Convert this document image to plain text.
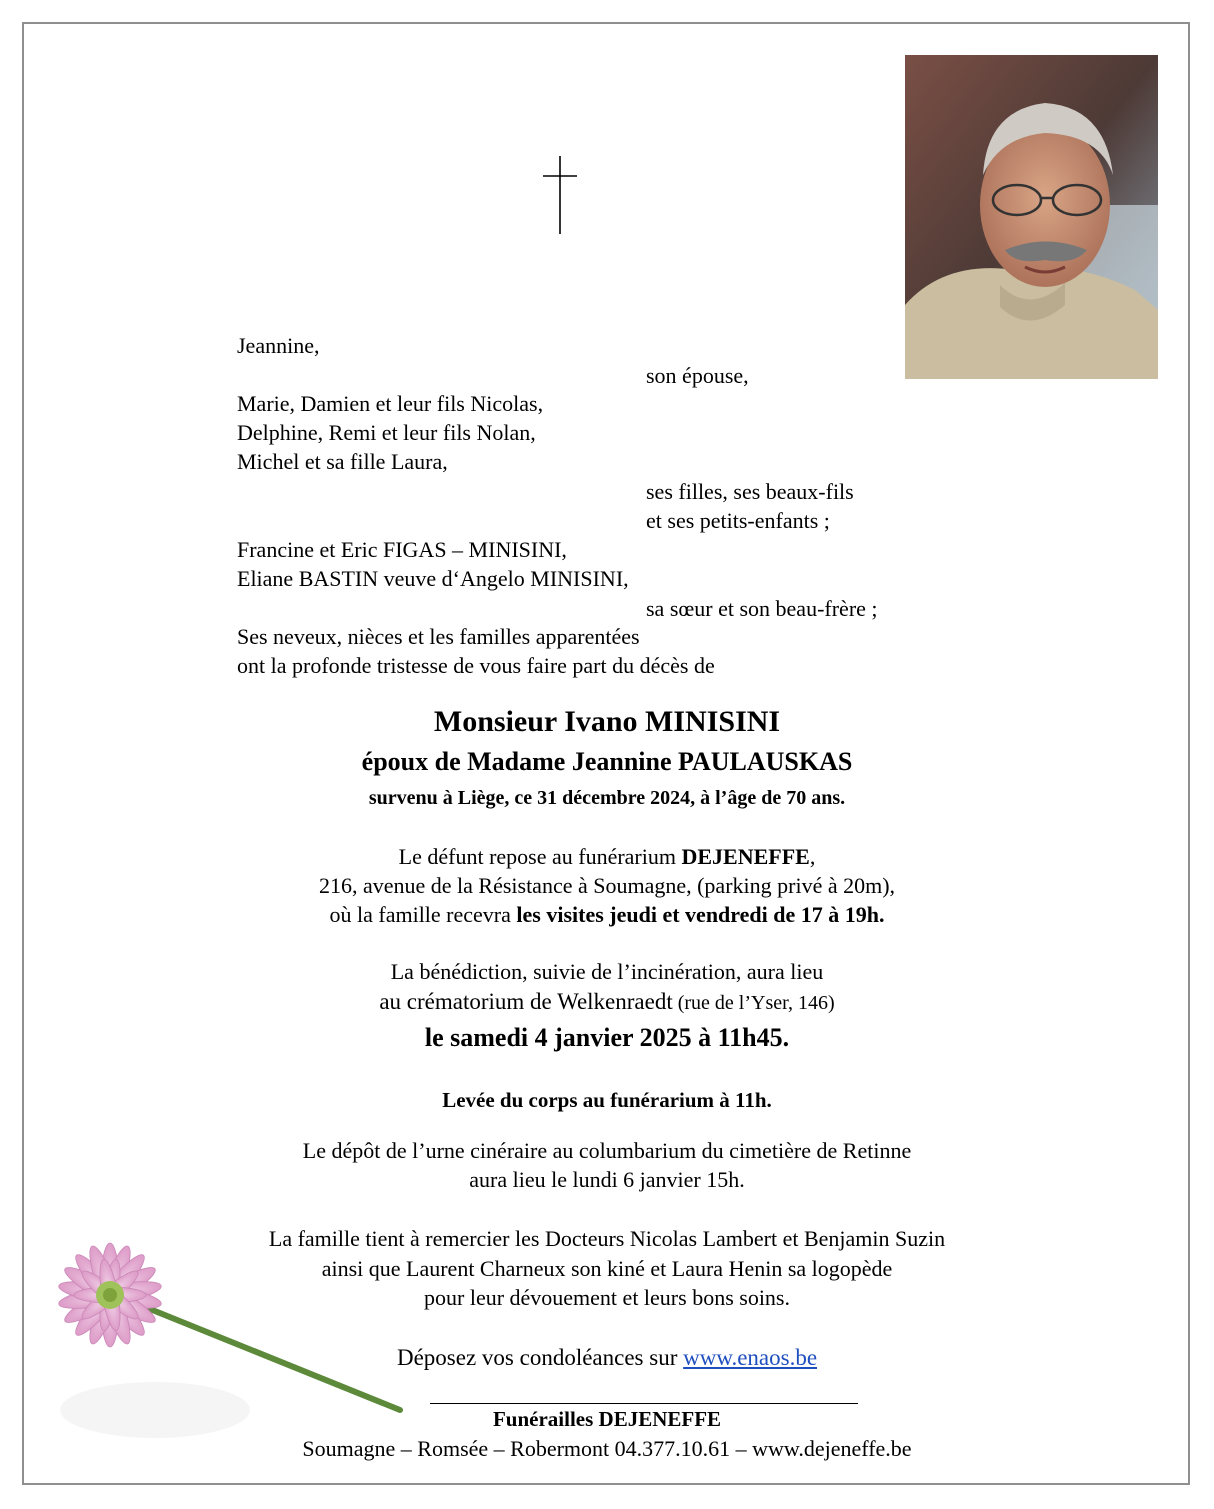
Jeannine,
son épouse,
Marie, Damien et leur fils Nicolas,
Delphine, Remi et leur fils Nolan,
Michel et sa fille Laura,
ses filles, ses beaux-fils
et ses petits-enfants ;
Francine et Eric FIGAS – MINISINI,
Eliane BASTIN veuve d‘Angelo MINISINI,
sa sœur et son beau-frère ;
Ses neveux, nièces et les familles apparentées
ont la profonde tristesse de vous faire part du décès de
Monsieur Ivano MINISINI
époux de Madame Jeannine PAULAUSKAS
survenu à Liège, ce 31 décembre 2024, à l’âge de 70 ans.
Le défunt repose au funérarium DEJENEFFE,
216, avenue de la Résistance à Soumagne, (parking privé à 20m),
où la famille recevra les visites jeudi et vendredi de 17 à 19h.
La bénédiction, suivie de l’incinération, aura lieu
au crématorium de Welkenraedt (rue de l’Yser, 146)
le samedi 4 janvier 2025 à 11h45.
Levée du corps au funérarium à 11h.
Le dépôt de l’urne cinéraire au columbarium du cimetière de Retinne
aura lieu le lundi 6 janvier 15h.
La famille tient à remercier les Docteurs Nicolas Lambert et Benjamin Suzin
ainsi que Laurent Charneux son kiné et Laura Henin sa logopède
pour leur dévouement et leurs bons soins.
Déposez vos condoléances sur www.enaos.be
Funérailles DEJENEFFE
Soumagne – Romsée – Robermont 04.377.10.61 – www.dejeneffe.be
